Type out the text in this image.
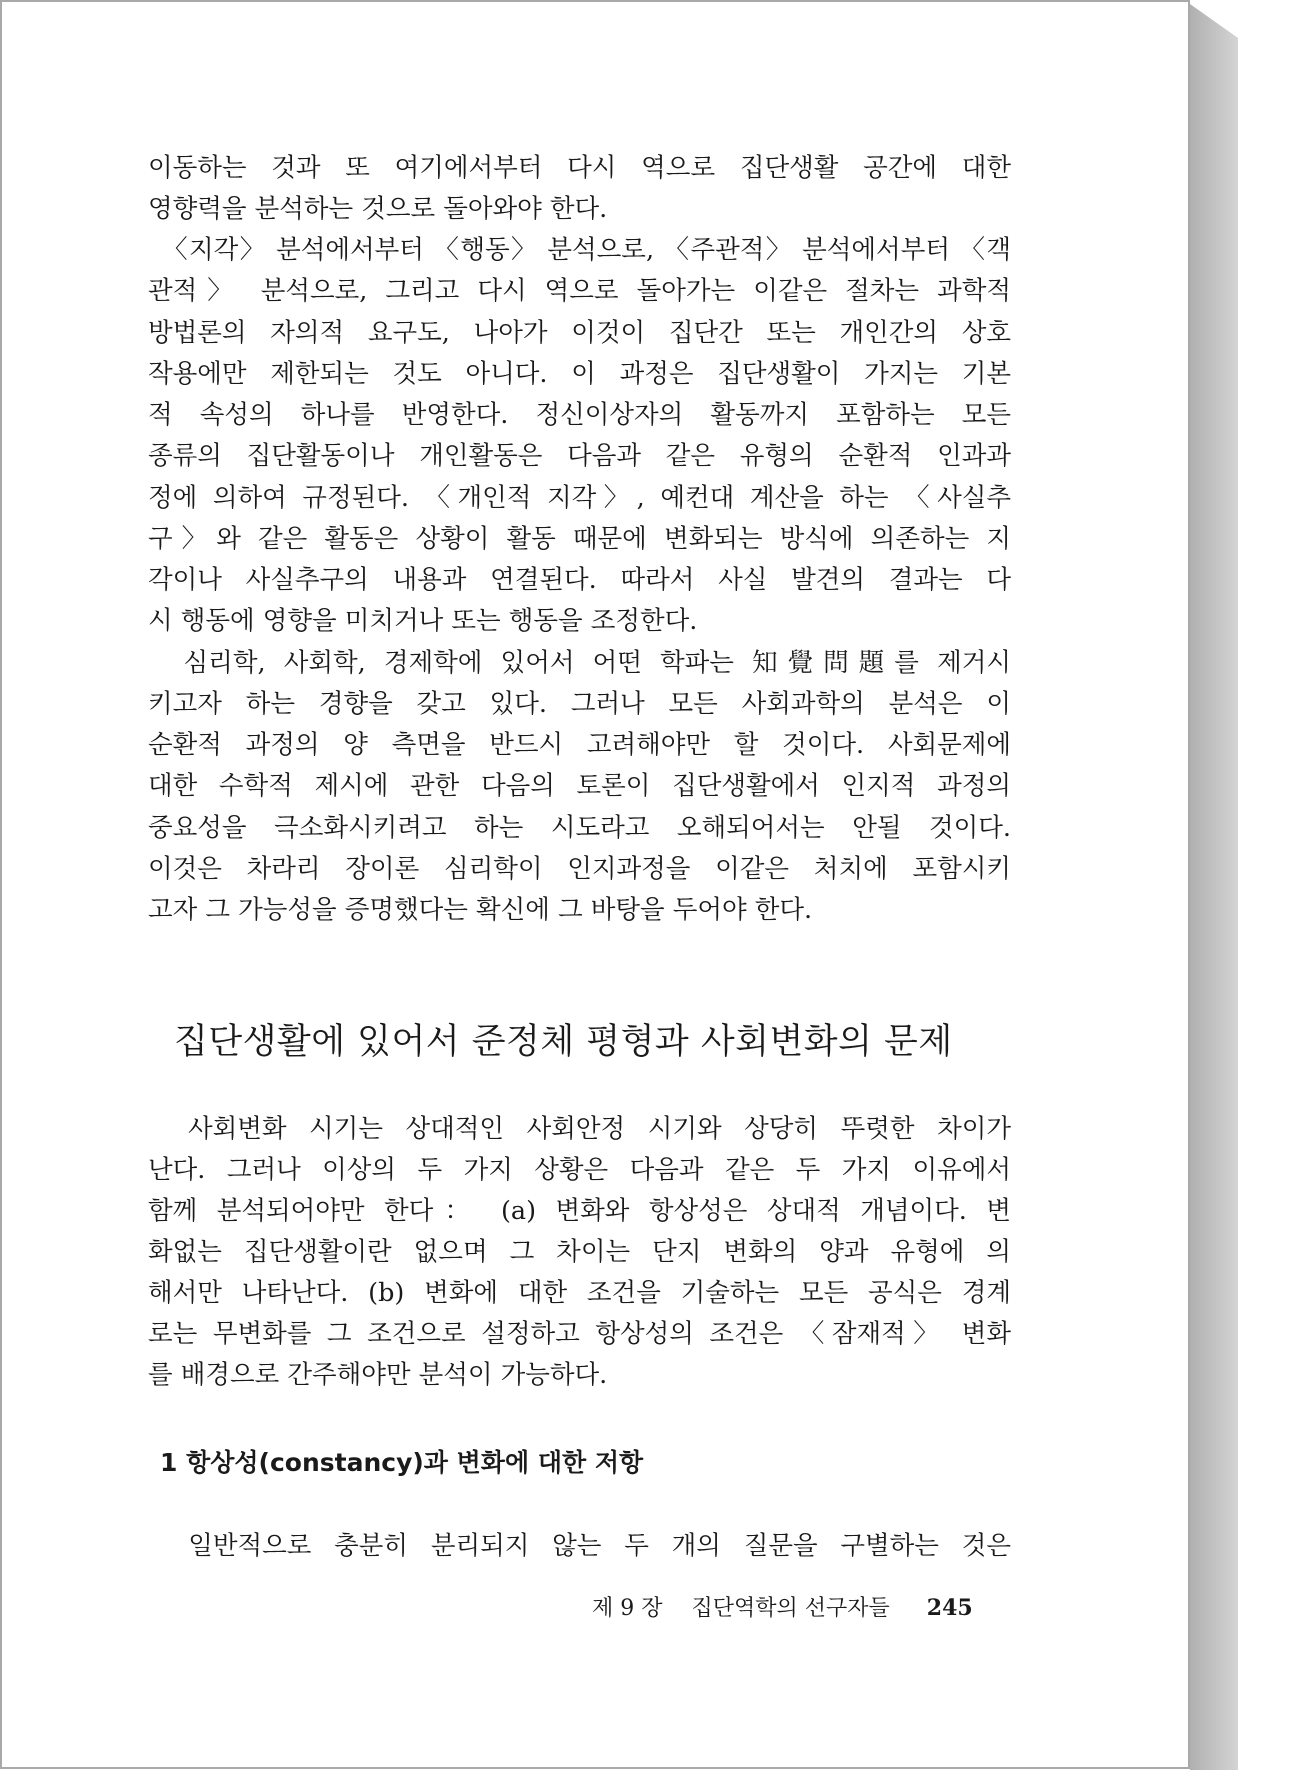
이동하는 것과 또 여기에서부터 다시 역으로 집단생활 공간에 대한
영향력을 분석하는 것으로 돌아와야 한다.
　〈지각〉 분석에서부터 〈행동〉 분석으로, 〈주관적〉 분석에서부터 〈객
관적〉 분석으로, 그리고 다시 역으로 돌아가는 이같은 절차는 과학적
방법론의 자의적 요구도, 나아가 이것이 집단간 또는 개인간의 상호
작용에만 제한되는 것도 아니다. 이 과정은 집단생활이 가지는 기본
적 속성의 하나를 반영한다. 정신이상자의 활동까지 포함하는 모든
종류의 집단활동이나 개인활동은 다음과 같은 유형의 순환적 인과과
정에 의하여 규정된다. 〈개인적 지각〉, 예컨대 계산을 하는 〈사실추
구〉와 같은 활동은 상황이 활동 때문에 변화되는 방식에 의존하는 지
각이나 사실추구의 내용과 연결된다. 따라서 사실 발견의 결과는 다
시 행동에 영향을 미치거나 또는 행동을 조정한다.
　심리학, 사회학, 경제학에 있어서 어떤 학파는 知覺問題를 제거시
키고자 하는 경향을 갖고 있다. 그러나 모든 사회과학의 분석은 이
순환적 과정의 양 측면을 반드시 고려해야만 할 것이다. 사회문제에
대한 수학적 제시에 관한 다음의 토론이 집단생활에서 인지적 과정의
중요성을 극소화시키려고 하는 시도라고 오해되어서는 안될 것이다.
이것은 차라리 장이론 심리학이 인지과정을 이같은 처치에 포함시키
고자 그 가능성을 증명했다는 확신에 그 바탕을 두어야 한다.
집단생활에 있어서 준정체 평형과 사회변화의 문제
　사회변화 시기는 상대적인 사회안정 시기와 상당히 뚜렷한 차이가
난다. 그러나 이상의 두 가지 상황은 다음과 같은 두 가지 이유에서
함께 분석되어야만 한다： (a) 변화와 항상성은 상대적 개념이다. 변
화없는 집단생활이란 없으며 그 차이는 단지 변화의 양과 유형에 의
해서만 나타난다. (b) 변화에 대한 조건을 기술하는 모든 공식은 경계
로는 무변화를 그 조건으로 설정하고 항상성의 조건은 〈잠재적〉 변화
를 배경으로 간주해야만 분석이 가능하다.
1 항상성(constancy)과 변화에 대한 저항
　일반적으로 충분히 분리되지 않는 두 개의 질문을 구별하는 것은
제 9 장 집단역학의 선구자들 245
